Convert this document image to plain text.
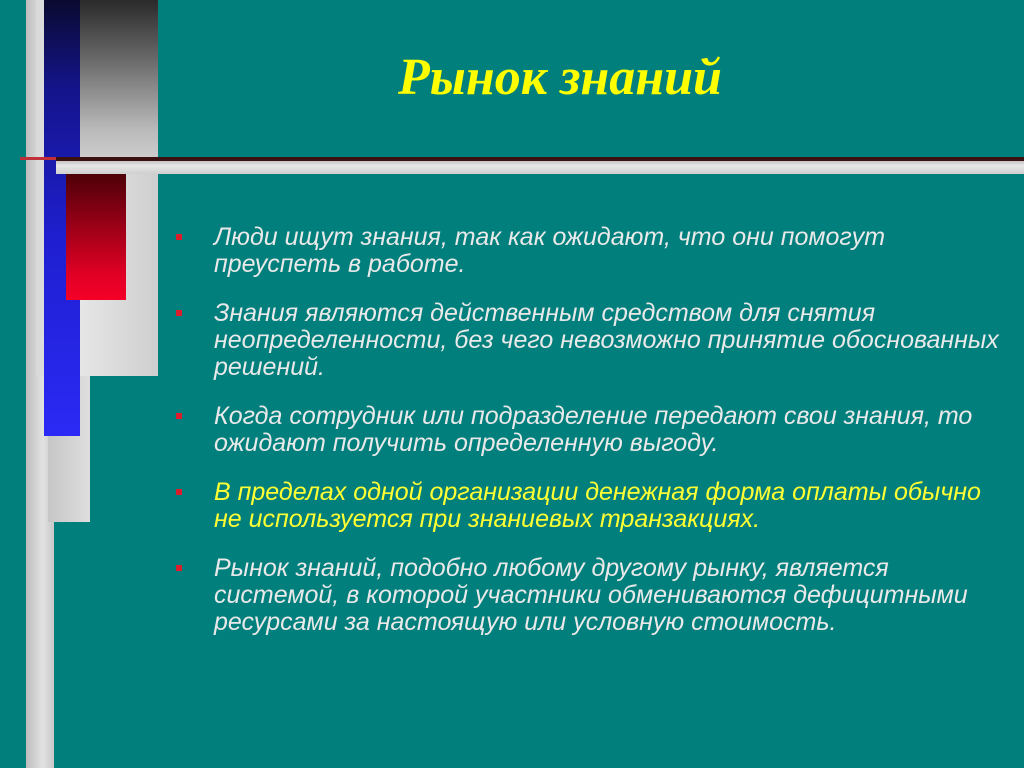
Рынок знаний
Люди ищут знания, так как ожидают, что они помогут преуспеть в работе.
Знания являются действенным средством для снятия неопределенности, без чего невозможно принятие обоснованных решений.
Когда сотрудник или подразделение передают свои знания, то ожидают получить определенную выгоду.
В пределах одной организации денежная форма оплаты обычно не используется при знаниевых транзакциях.
Рынок знаний, подобно любому другому рынку, является системой, в которой участники обмениваются дефицитными ресурсами за настоящую или условную стоимость.
